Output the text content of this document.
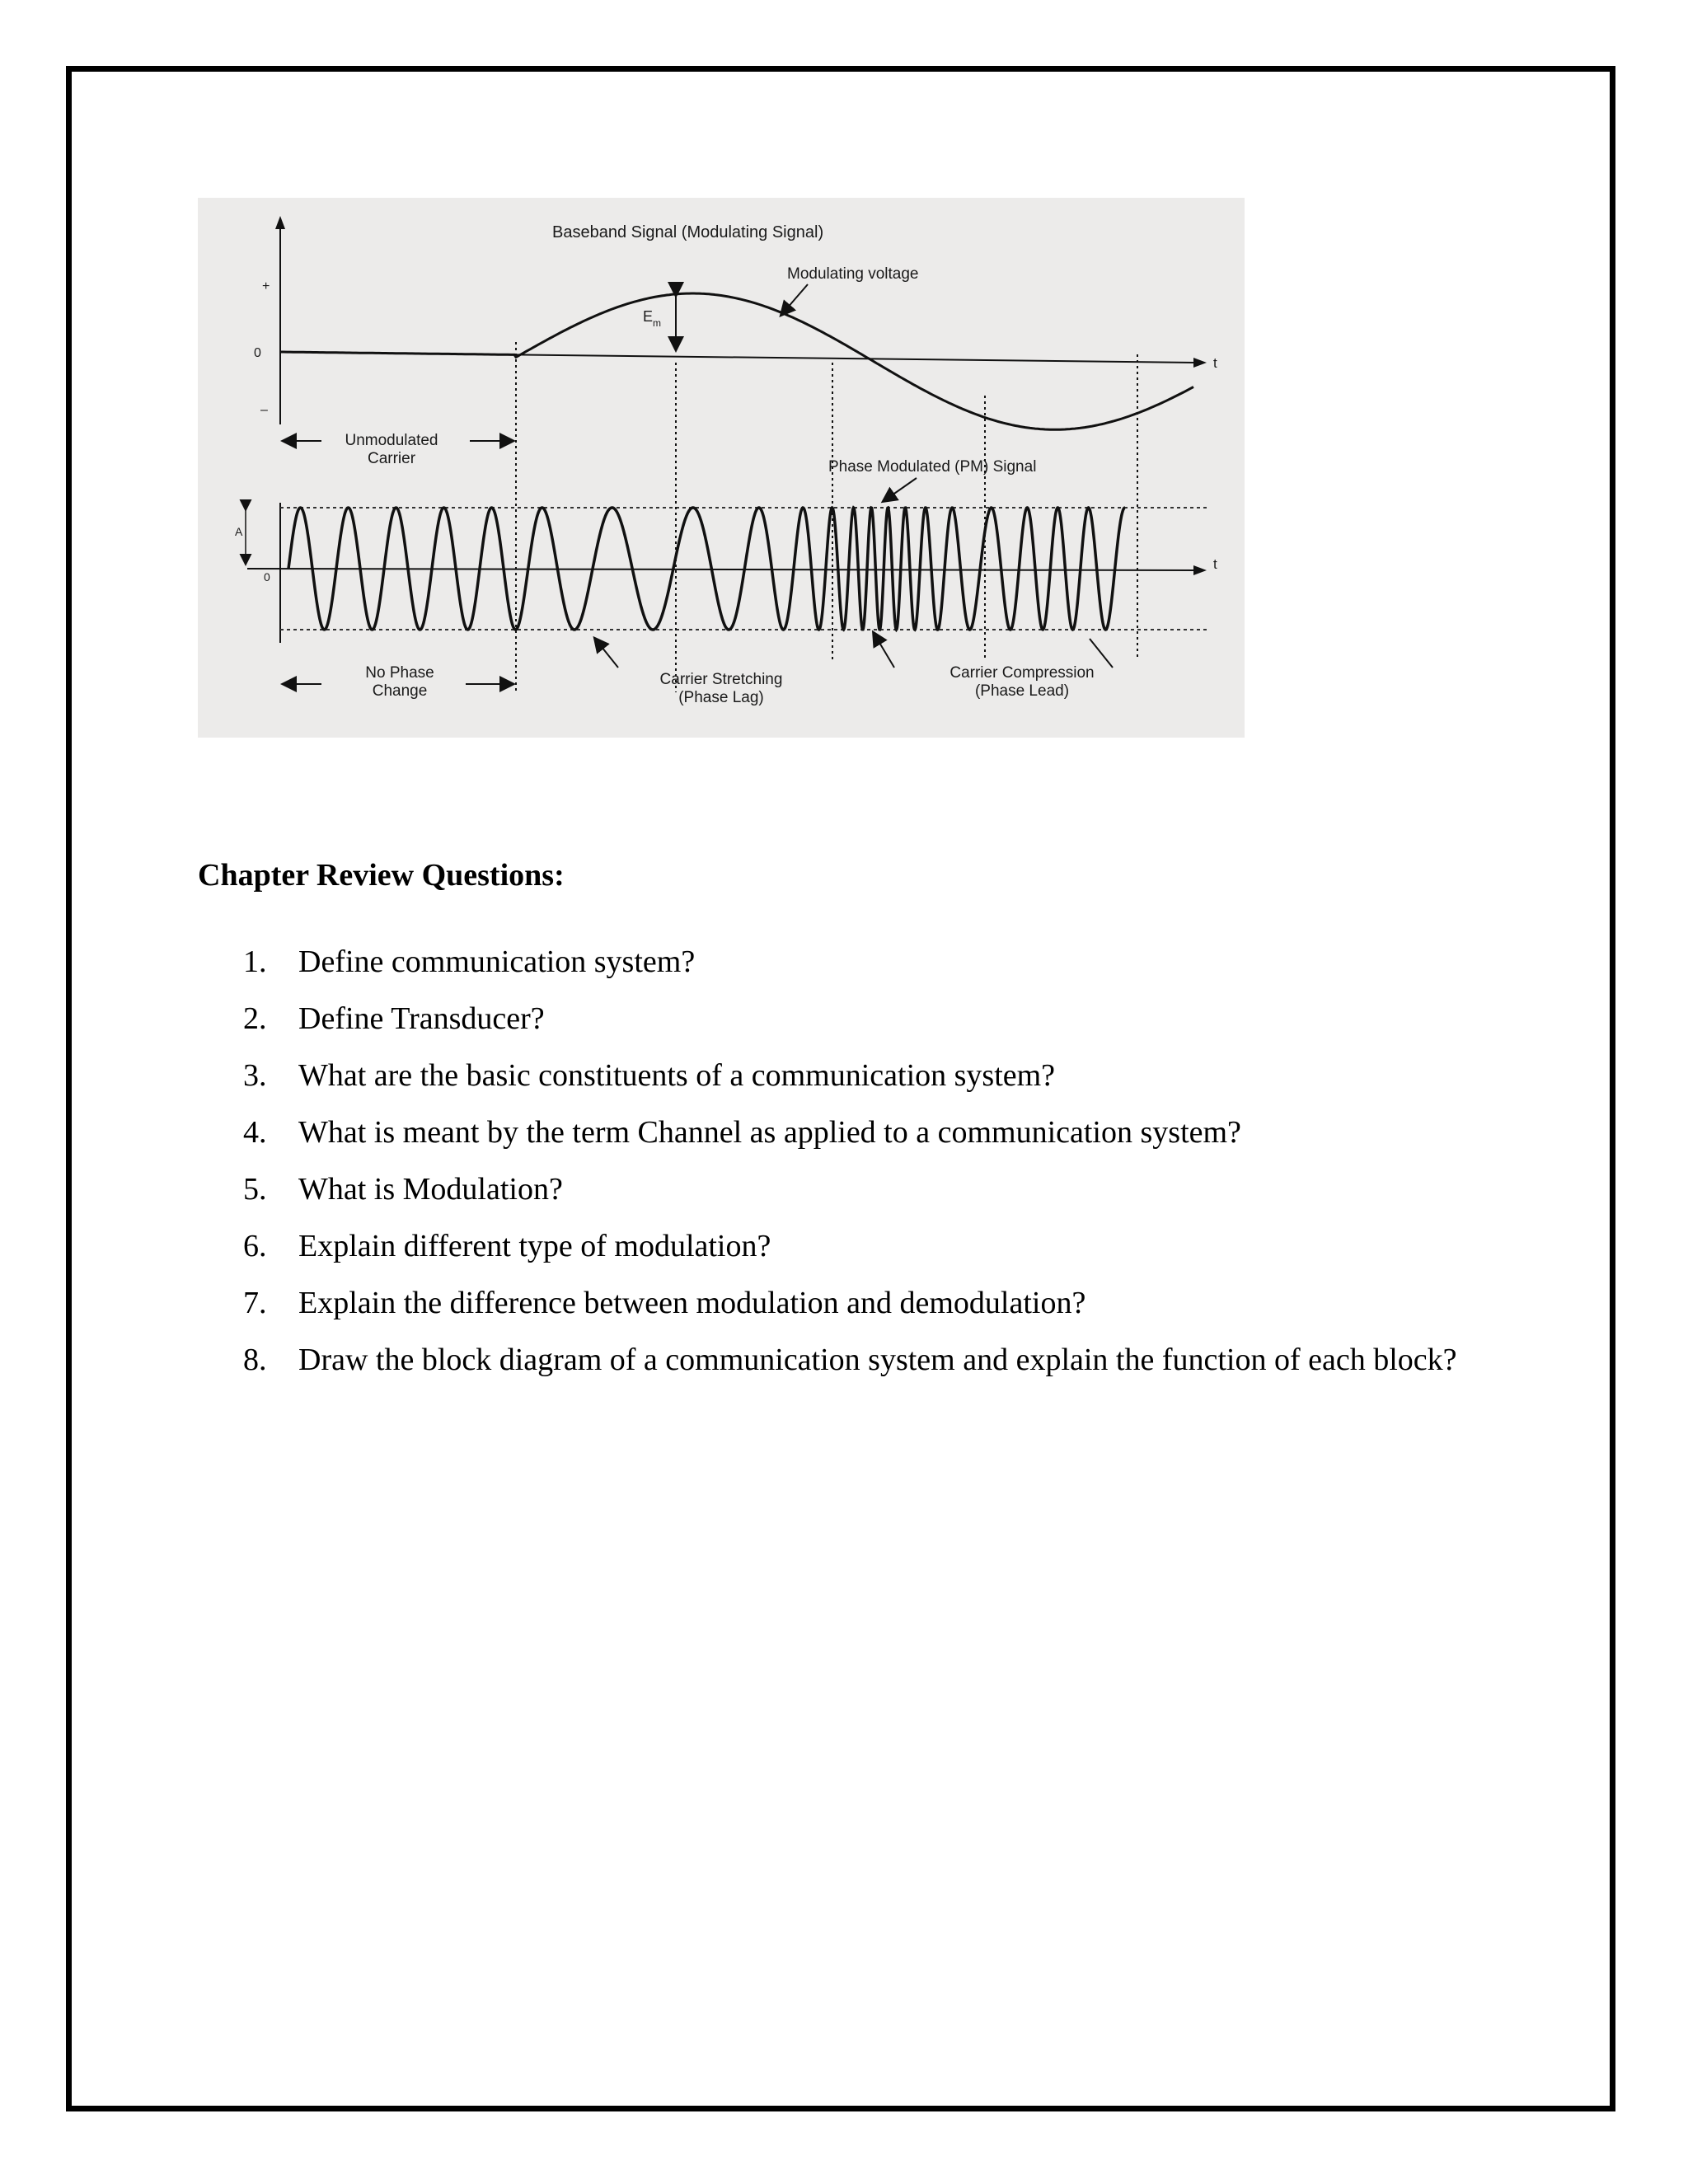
+
0
–
t
$E_m$
Baseband Signal (Modulating Signal)
Modulating voltage
Unmodulated
Carrier	Phase Modulated (PM) Signal
t
A
0
No Phase
Change
Carrier Stretching
(Phase Lag)
Carrier Compression
(Phase Lead)
Chapter Review Questions:
1. Define communication system?
2. Define Transducer?
3. What are the basic constituents of a communication system?
4. What is meant by the term Channel as applied to a communication system?
5. What is Modulation?
6. Explain different type of modulation?
7. Explain the difference between modulation and demodulation?
8. Draw the block diagram of a communication system and explain the function of each block?
